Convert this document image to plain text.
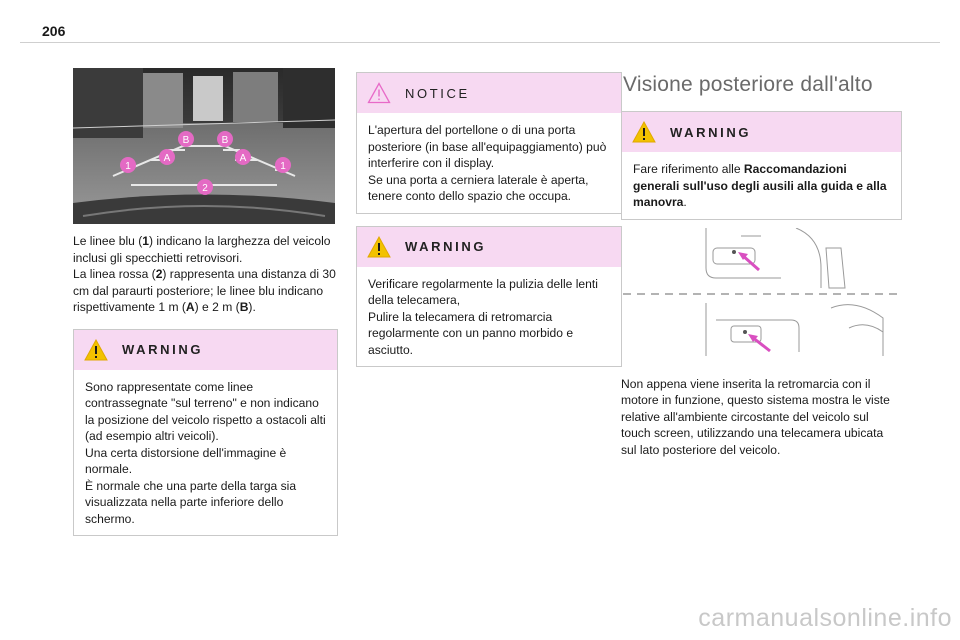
206
1	1
A	A
B	B
2

Le linee blu (1) indicano la larghezza del veicolo inclusi gli specchietti retrovisori.
La linea rossa (2) rappresenta una distanza di 30 cm dal paraurti posteriore; le linee blu indicano rispettivamente 1 m (A) e 2 m (B).

WARNING
Sono rappresentate come linee contrassegnate "sul terreno" e non indicano la posizione del veicolo rispetto a ostacoli alti (ad esempio altri veicoli).
Una certa distorsione dell'immagine è normale.
È normale che una parte della targa sia visualizzata nella parte inferiore dello schermo.
NOTICE
L'apertura del portellone o di una porta posteriore (in base all'equipaggiamento) può interferire con il display.
Se una porta a cerniera laterale è aperta, tenere conto dello spazio che occupa.
WARNING
Verificare regolarmente la pulizia delle lenti della telecamera,
Pulire la telecamera di retromarcia regolarmente con un panno morbido e asciutto.
Visione posteriore dall'alto
WARNING
Fare riferimento alle Raccomandazioni generali sull'uso degli ausili alla guida e alla manovra.

Non appena viene inserita la retromarcia con il motore in funzione, questo sistema mostra le viste relative all'ambiente circostante del veicolo sul touch screen, utilizzando una telecamera ubicata sul lato posteriore del veicolo.

carmanualsonline.info
